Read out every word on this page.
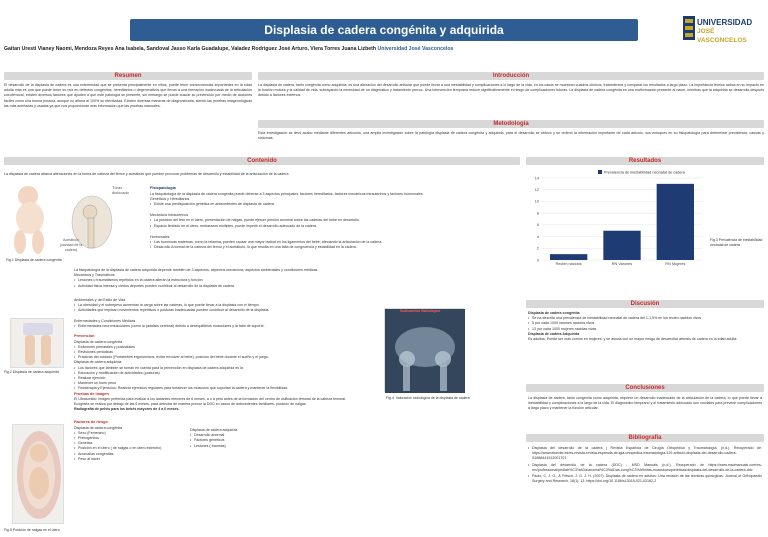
Displasia de cadera congénita y adquirida
UNIVERSIDAD
JOSÉ VASCONCELOS
Gaitan Uresti Vianey Naomi, Mendoza Reyes Ana Isabela, Sandoval Jasso Karla Guadalupe, Valadez Rodriguez José Arturo, Viera Torres Juana Lizbeth Universidad José Vasconcelos
Resumen
El desarrollo de la displasia de cadera es una enfermedad que se presenta principalmente en niños, puede tener consecuencias importantes en la edad adulta más es una que puede tener su raíz en defectos congénitos, hereditarios o degenerativos que llevan a una formación inadecuada de la articulación coxofemoral, existen diversos factores que ayuden a que este patología se presente, sin embargo se puede buscar su prevención por medio de acciones fáciles como una buena postura, aunque no afirma al 100% su efectividad. Existen diversas maneras de diagnosticarla, siendo las pruebas imagenológicas las más acertadas y usadas ya que nos proporcionan más información que las pruebas manuales.
Introducción
La displasia de cadera, tanto congénita como adquirida, es una alteración del desarrollo articular que puede llevar a una inestabilidad y complicaciones a lo largo de la vida, en los casos se muestran cuadros clínicos, tratamientos y comparar los resultados a largo plazo. La importancia teórica radica en su impacto en la función motora y la calidad de vida, subrayando la necesidad de un diagnóstico y tratamiento precoz. Una intervención temprana reduce significativamente el riesgo de complicaciones futuras. La displasia de cadera congénita es una malformación presente al nacer, mientras que la adquirida se desarrolla después debido a factores externos.
Metodología
Esta investigación se llevó acabo mediante diferentes artículos, una amplia investigación sobre la patología displasia de cadera congénita y adquirida, para el desarrollo se obtuvo y se ordenó la información importante de cada artículo, sus enfoques en su fisiopatología para determinar prevalencia, causas y síntomas.
Contenido
La displasia de cadera abarca alteraciones en la forma de cabeza del fémur y acetábulo que pueden provocar problemas de desarrollo y estabilidad de la articulación de la cadera
Tórax dislocado
Acetábulo (cavidad de la cadera)
Fig.1 Displasia de cadera congénita
Fisiopatología
La fisiopatología de la displasia de cadera congénita puede deberse a 3 aspectos principales, factores hereditarios, factores mecánicos intrauterinos y factores hormonales
Genéticos y Hereditarios
• Existe una predisposición genética en antecedentes de displasia de cadera.
Mecánicos Intrauterinos
• La posición del feto en el útero, presentación de nalgas, puede ejercer presión anormal sobre las caderas del bebé en desarrollo.
• Espacio limitado en el útero, embarazos múltiples, puede impedir el desarrollo adecuado de la cadera.
Hormonales
• Las hormonas maternas, como la relaxina, pueden causar una mayor laxitud en los ligamentos del bebé, afectando la articulación de la cadera.
• Desarrollo Anormal de la cabeza del fémur y el acetábulo, lo que resulta en una falta de congruencia y estabilidad en la cadera.
La fisiopatología de la displasia de cadera adquirida depende también de 3 aspectos, aspectos mecánicos, aspectos ambientales y condiciones médicas.
Mecánicos y Traumáticos
• Lesiones o traumatismos repetidos en la cadera alteran la estructura y función
• Actividad física intensa y ciertos deportes pueden contribuir al desarrollo de la displasia de cadera.
Ambientales y del Estilo de Vida
• La obesidad y el sobrepeso aumentan la carga sobre las caderas, lo que puede llevar a la displasia con el tiempo.
• Actividades que implican movimientos repetitivos o posturas inadecuadas pueden contribuir al desarrollo de la displasia.
Enfermedades y Condiciones Médicas
• Enfermedades neuromusculares (como la parálisis cerebral) debido a desequilibrios musculares y la falta de soporte.
Prevención
Displasia de cadera congénita
• Exámenes prenatales y postnatales
• Revisiones periódicas
• Practicas del cuidado (Portabebes ergonómicos, evitar envolver al bebe), posición del bebé durante el sueño y el juego.
Displasia de cadera adquirida
• Los factores que también se toman en cuenta para la prevención en displasia de cadera adquirida es la
• Educación y modificación de actividades (posturas)
• Realizar ejercicio
• Mantener un buen peso
• Fisioterapia y Ejercicios: Realizar ejercicios regulares para fortalecer los músculos que soportan la cadera y mantener la flexibilidad.
Pruebas de imagen
El Ultrasonido: imagen preferida para evaluar a los lactantes menores de 6 meses, a o a peto antes de la formación del centro de osificación femoral de la cabeza femoral.
Ecografía se realiza por debajo de las 6 meses, para detectar de manera precoz la DDC en casos de antecedentes familiares, posición de nalgas.
Radiografía de pelvis para los bebés mayores de 4 a 6 meses.
Fig.2 Displasia de cadera adquirida
Subluxación Radiológica
Fig.4. Valoración radiológica de la displasia de cadera
Factores de riesgo
Displasia de cadera congénita
• Sexo (Femenino)
• Primogénitos
• Genética
• Posición en el útero ( de nalgas o en útero estrecho)
• Anomalías congénitas
• Peso al nacer
Displasia de cadera adquirida
• Desarrollo anormal
• Factores genéticos
• Lesiones ( traumas)
Fig.5 Posición de nalgas en el útero
Resultados
0
2
4
6
8
10
12
14
Recien nacidos	RN Varones	RN Mujeres
Prevalencia de inestabilidad neonatal de cadera
Fig.3 Prevalencia de inestabilidad neonatal de cadera
Discusión
Displasia de cadera congénita
• Se ha descrito una prevalencia de inestabilidad neonatal de cadera del 1-1,5% en los recién nacidos vivos
• 5 por cada 1000 varones nacidos vivos
• 13 por cada 1000 mujeres nacidas vivas
Displasia de cadera Adquirida
Es adultos: Puede ser más común en mujeres, y se asocia con un mayor riesgo de desarrollar artrosis de cadera en la edad adulta.
Conclusiones
La displasia de cadera, tanto congénita como adquirida, requiere un desarrollo inadecuado de la articulación de la cadera, lo que puede llevar a inestabilidad y complicaciones a lo largo de la vida. El diagnóstico temprano y el tratamiento adecuado son cruciales para prevenir complicaciones a largo plazo y mantener la función articular.
Bibliografía
• Displasia del desarrollo de la cadera | Revista Española de Cirugía Ortopédica y Traumatología. (n.d.). Recuperado de: https://www.elsevier.es/es-revista-revista-espanola-cirugia-ortopedica-traumatologia-129-articulo-displasia-del-desarrollo-cadera-S1888441512001701
• Displasia del desarrollo de la cadera (DDC) - MSD Manuals (n.d.). Recuperado de https://www.msdmanuals.com/es-mx/professional/pediatr%C3%ADa/anomal%C3%ADas-cong%C3%A9nitas-musculoesqueléticas/displasia-del-desarrollo-de-la-cadera-ddc
• Paolo, C. J. G., & Fritsch, J. G. J. H. (2007). Displasia de cadera en adultos: Una revisión de las técnicas quirúrgicas. Journal of Orthopaedic Surgery and Research, 16(1), 13. https://doi.org/10.1186/s13018-021-02162-2
